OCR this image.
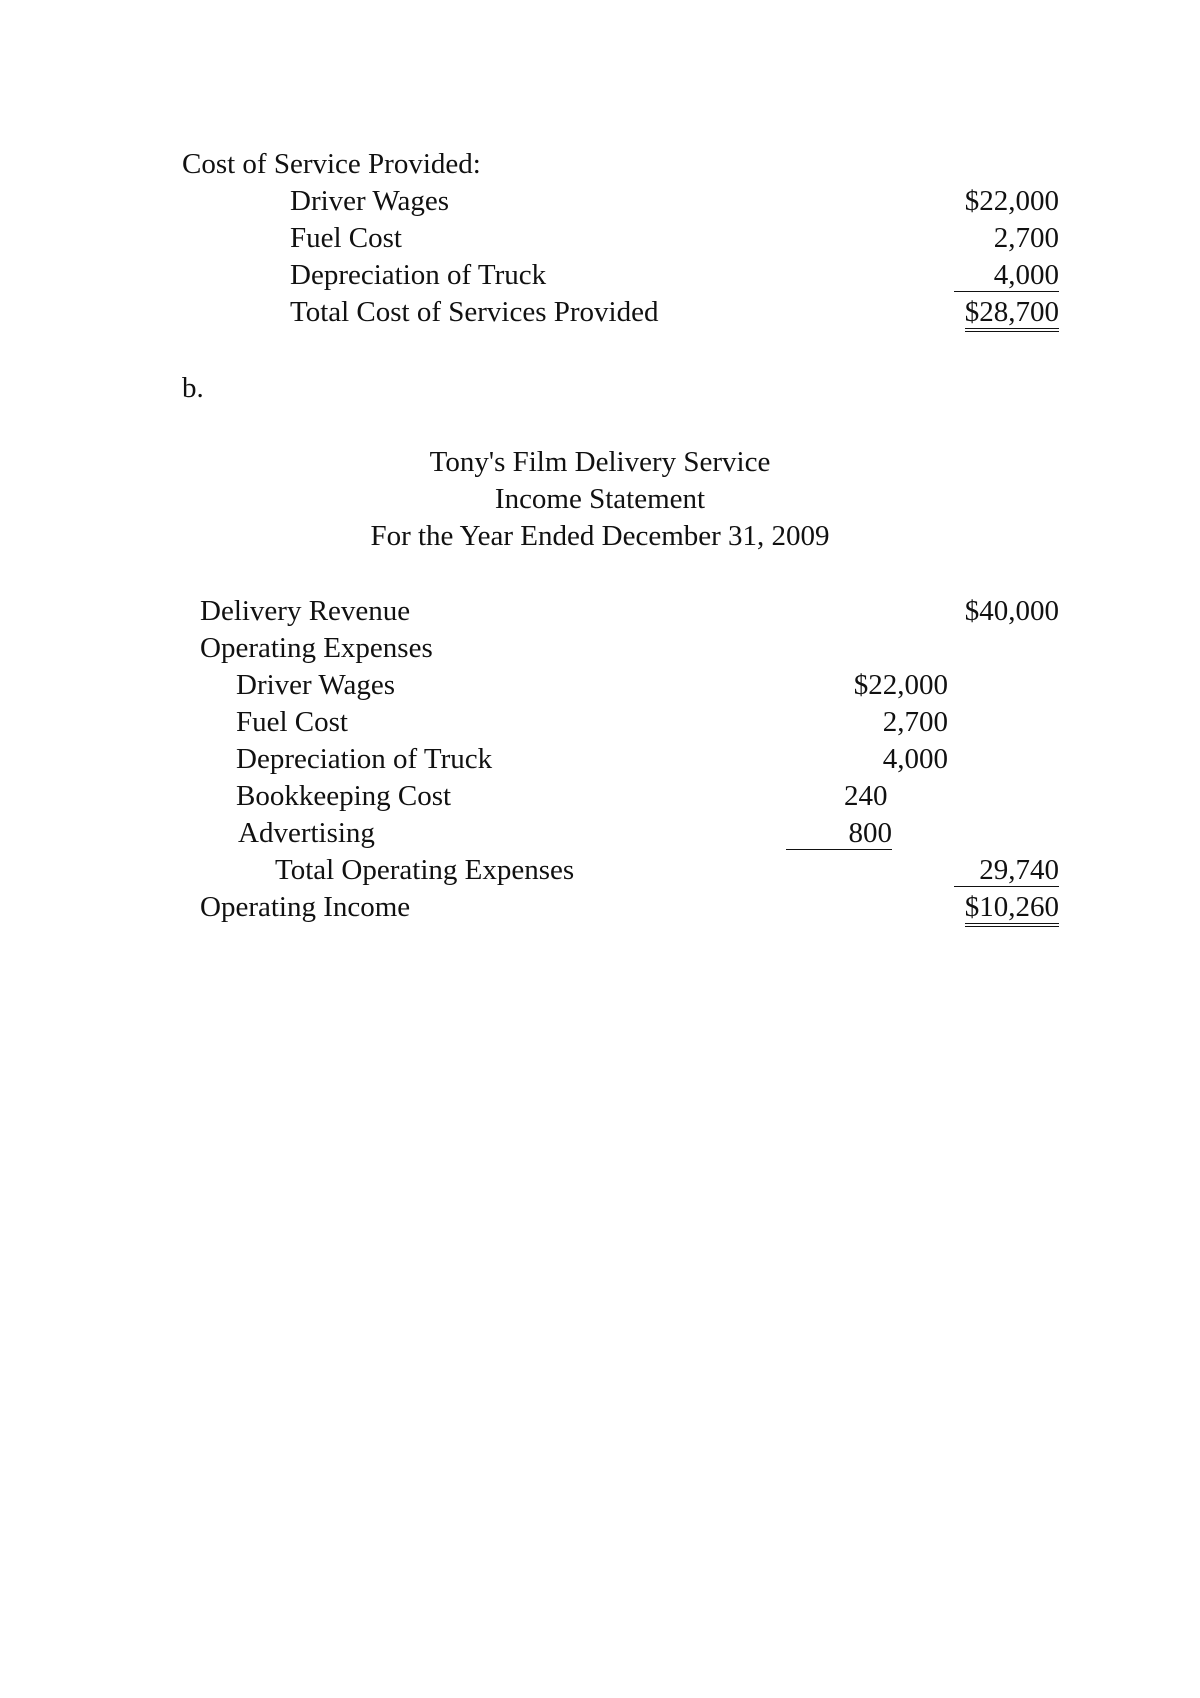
Cost of Service Provided:
Driver Wages	$22,000
Fuel Cost	2,700
Depreciation of Truck	4,000
Total Cost of Services Provided	$28,700
b.
Tony's Film Delivery Service
Income Statement
For the Year Ended December 31, 2009
Delivery Revenue	$40,000
Operating Expenses
Driver Wages	$22,000
Fuel Cost	2,700
Depreciation of Truck	4,000
Bookkeeping Cost	240
Advertising	800
Total Operating Expenses	29,740
Operating Income	$10,260
